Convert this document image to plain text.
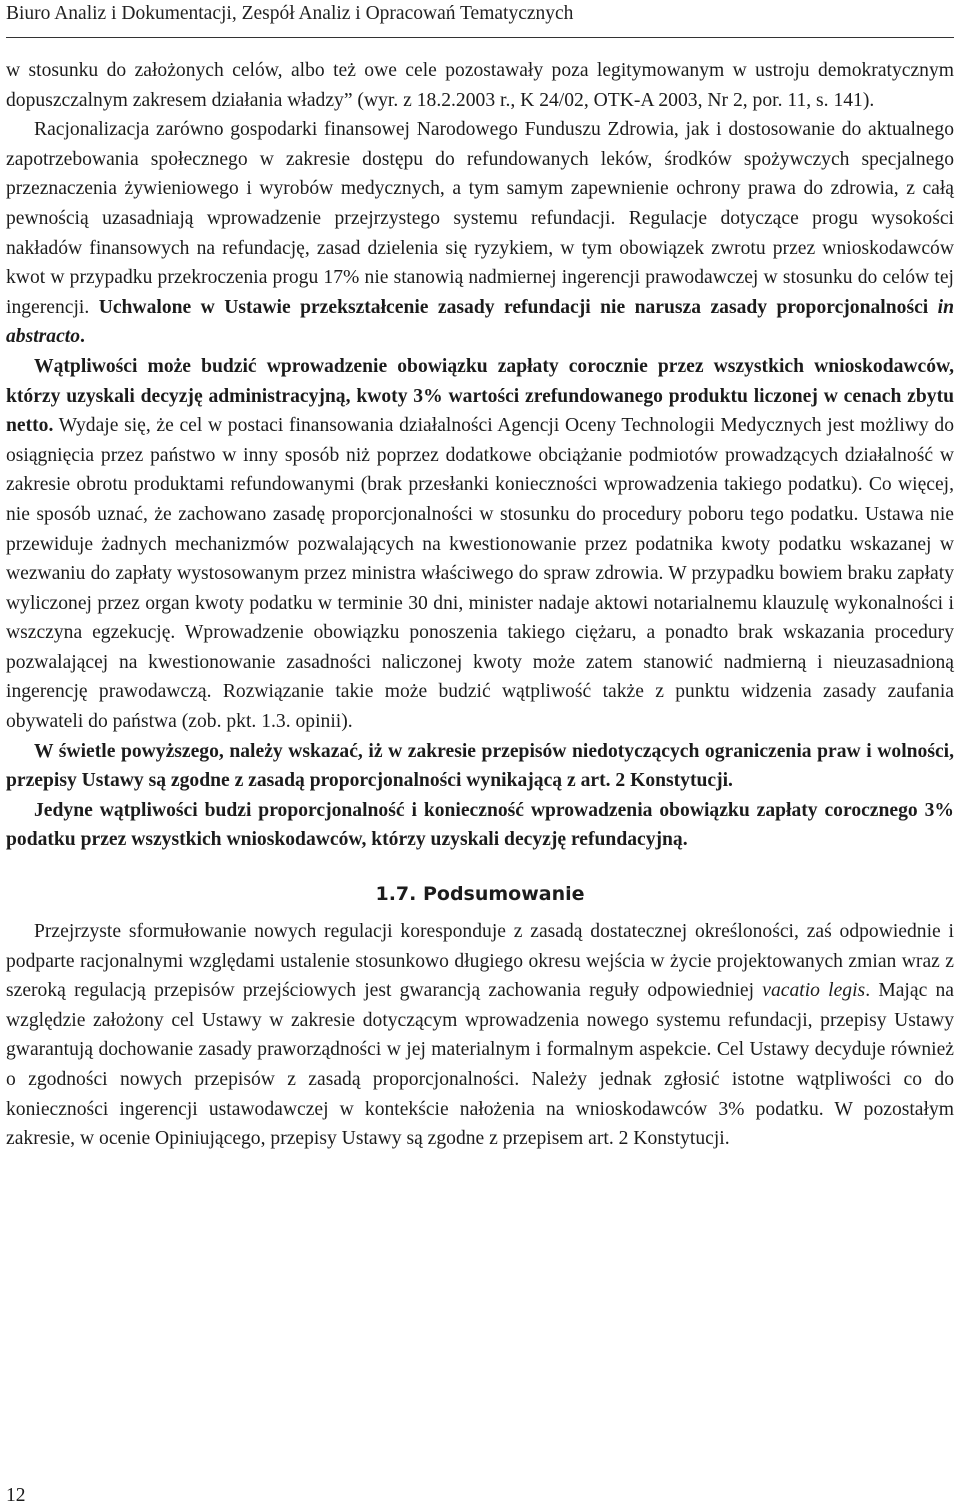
Biuro Analiz i Dokumentacji, Zespół Analiz i Opracowań Tematycznych

w stosunku do założonych celów, albo też owe cele pozostawały poza legitymowanym w ustroju demokratycznym dopuszczalnym zakresem działania władzy” (wyr. z 18.2.2003 r., K 24/02, OTK-A 2003, Nr 2, por. 11, s. 141).

Racjonalizacja zarówno gospodarki finansowej Narodowego Funduszu Zdrowia, jak i dostosowanie do aktualnego zapotrzebowania społecznego w zakresie dostępu do refundowanych leków, środków spożywczych specjalnego przeznaczenia żywieniowego i wyrobów medycznych, a tym samym zapewnienie ochrony prawa do zdrowia, z całą pewnością uzasadniają wprowadzenie przejrzystego systemu refundacji. Regulacje dotyczące progu wysokości nakładów finansowych na refundację, zasad dzielenia się ryzykiem, w tym obowiązek zwrotu przez wnioskodawców kwot w przypadku przekroczenia progu 17% nie stanowią nadmiernej ingerencji prawodawczej w stosunku do celów tej ingerencji. Uchwalone w Ustawie przekształcenie zasady refundacji nie narusza zasady proporcjonalności in abstracto.

Wątpliwości może budzić wprowadzenie obowiązku zapłaty corocznie przez wszystkich wnioskodawców, którzy uzyskali decyzję administracyjną, kwoty 3% wartości zrefundowanego produktu liczonej w cenach zbytu netto. Wydaje się, że cel w postaci finansowania działalności Agencji Oceny Technologii Medycznych jest możliwy do osiągnięcia przez państwo w inny sposób niż poprzez dodatkowe obciążanie podmiotów prowadzących działalność w zakresie obrotu produktami refundowanymi (brak przesłanki konieczności wprowadzenia takiego podatku). Co więcej, nie sposób uznać, że zachowano zasadę proporcjonalności w stosunku do procedury poboru tego podatku. Ustawa nie przewiduje żadnych mechanizmów pozwalających na kwestionowanie przez podatnika kwoty podatku wskazanej w wezwaniu do zapłaty wystosowanym przez ministra właściwego do spraw zdrowia. W przypadku bowiem braku zapłaty wyliczonej przez organ kwoty podatku w terminie 30 dni, minister nadaje aktowi notarialnemu klauzulę wykonalności i wszczyna egzekucję. Wprowadzenie obowiązku ponoszenia takiego ciężaru, a ponadto brak wskazania procedury pozwalającej na kwestionowanie zasadności naliczonej kwoty może zatem stanowić nadmierną i nieuzasadnioną ingerencję prawodawczą. Rozwiązanie takie może budzić wątpliwość także z punktu widzenia zasady zaufania obywateli do państwa (zob. pkt. 1.3. opinii).

W świetle powyższego, należy wskazać, iż w zakresie przepisów niedotyczących ograniczenia praw i wolności, przepisy Ustawy są zgodne z zasadą proporcjonalności wynikającą z art. 2 Konstytucji.

Jedyne wątpliwości budzi proporcjonalność i konieczność wprowadzenia obowiązku zapłaty corocznego 3% podatku przez wszystkich wnioskodawców, którzy uzyskali decyzję refundacyjną.

1.7. Podsumowanie

Przejrzyste sformułowanie nowych regulacji koresponduje z zasadą dostatecznej określoności, zaś odpowiednie i podparte racjonalnymi względami ustalenie stosunkowo długiego okresu wejścia w życie projektowanych zmian wraz z szeroką regulacją przepisów przejściowych jest gwarancją zachowania reguły odpowiedniej vacatio legis. Mając na względzie założony cel Ustawy w zakresie dotyczącym wprowadzenia nowego systemu refundacji, przepisy Ustawy gwarantują dochowanie zasady praworządności w jej materialnym i formalnym aspekcie. Cel Ustawy decyduje również o zgodności nowych przepisów z zasadą proporcjonalności. Należy jednak zgłosić istotne wątpliwości co do konieczności ingerencji ustawodawczej w kontekście nałożenia na wnioskodawców 3% podatku. W pozostałym zakresie, w ocenie Opiniującego, przepisy Ustawy są zgodne z przepisem art. 2 Konstytucji.

12
